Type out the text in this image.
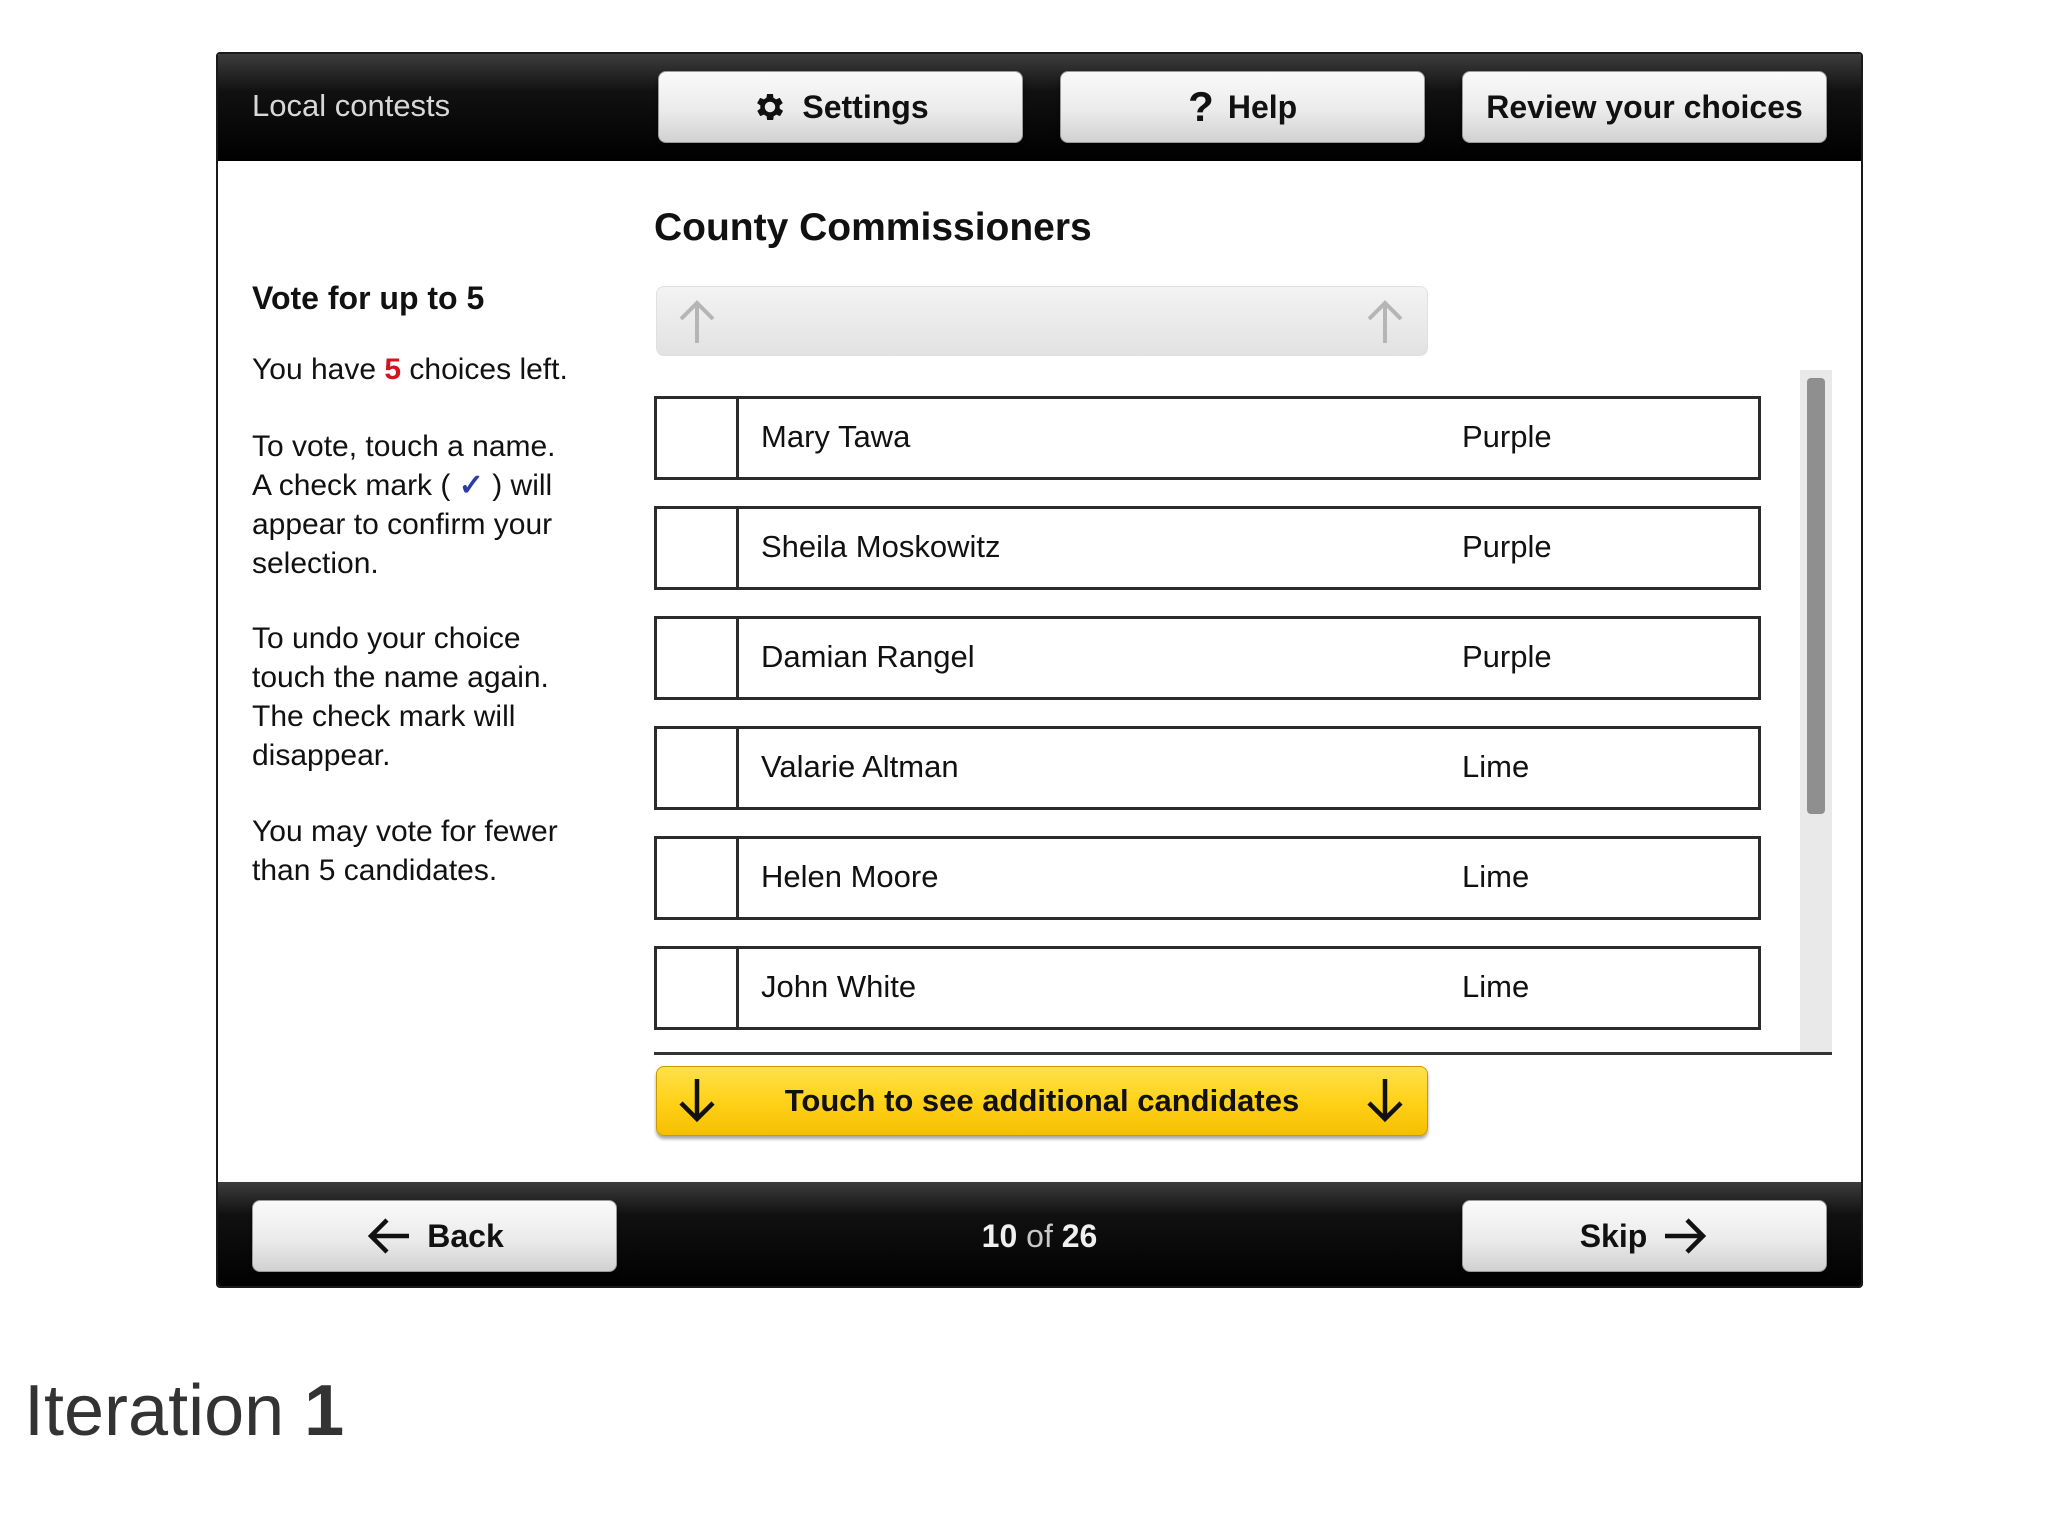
Local contests	Settings	? Help	Review your choices
Vote for up to 5

You have 5 choices left.

To vote, touch a name.
A check mark ( ✓ ) will
appear to confirm your
selection.

To undo your choice
touch the name again.
The check mark will
disappear.

You may vote for fewer
than 5 candidates.

County Commissioners
Mary Tawa	Purple
Sheila Moskowitz	Purple
Damian Rangel	Purple
Valarie Altman	Lime
Helen Moore	Lime
John White	Lime
Touch to see additional candidates
Back	10 of 26	Skip
Iteration 1
